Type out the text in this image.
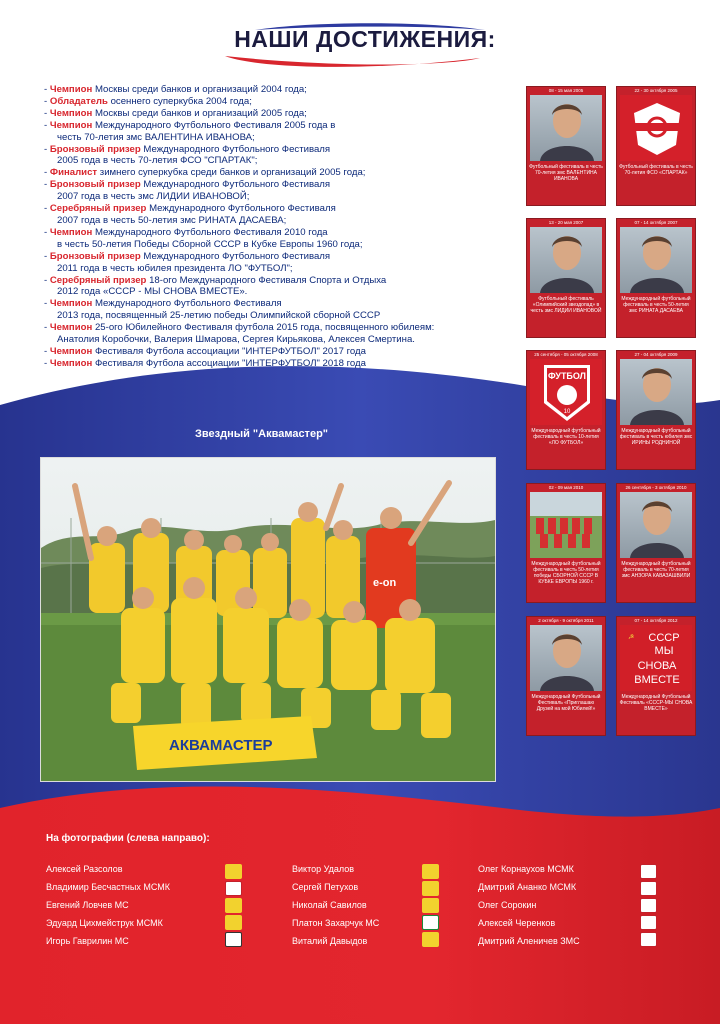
НАШИ ДОСТИЖЕНИЯ:
- Чемпион Москвы среди банков и организаций 2004 года;
- Обладатель осеннего суперкубка 2004 года;
- Чемпион Москвы среди банков и организаций 2005 года;
- Чемпион Международного Футбольного Фестиваля 2005 года в
честь 70-летия змс ВАЛЕНТИНА ИВАНОВА;
- Бронзовый призер Международного Футбольного Фестиваля
2005 года в честь 70-летия ФСО "СПАРТАК";
- Финалист зимнего суперкубка среди банков и организаций 2005 года;
- Бронзовый призер Международного Футбольного Фестиваля
2007 года в честь змс ЛИДИИ ИВАНОВОЙ;
- Серебряный призер Международного Футбольного Фестиваля
2007 года в честь 50-летия змс РИНАТА ДАСАЕВА;
- Чемпион Международного Футбольного Фестиваля 2010 года
в честь 50-летия Победы Сборной СССР в Кубке Европы 1960 года;
- Бронзовый призер Международного Футбольного Фестиваля
2011 года в честь юбилея президента ЛО "ФУТБОЛ";
- Серебряный призер 18-ого Международного Фестиваля Спорта и Отдыха
2012 года «СССР - МЫ СНОВА ВМЕСТЕ».
- Чемпион Международного Футбольного Фестиваля
2013 года, посвященный 25-летию победы Олимпийской сборной СССР
- Чемпион 25-ого Юбилейного Фестиваля футбола 2015 года, посвященного юбилеям:
Анатолия Коробочки, Валерия Шмарова, Сергея Кирьякова, Алексея Смертина.
- Чемпион Фестиваля Футбола ассоциации "ИНТЕРФУТБОЛ" 2017 года
- Чемпион Фестиваля Футбола ассоциации "ИНТЕРФУТБОЛ" 2018 года
08 - 15 мая 2005
Футбольный фестиваль в честь 70-летия змс ВАЛЕНТИНА ИВАНОВА
22 - 30 октября 2005
Футбольный фестиваль в честь 70-летия ФСО «СПАРТАК»
13 - 20 мая 2007
Футбольный фестиваль «Олимпийский звездопад» в честь змс ЛИДИИ ИВАНОВОЙ
07 - 14 октября 2007
Международный футбольный фестиваль в честь 50-летия змс РИНАТА ДАСАЕВА
25 сентября - 05 октября 2008
ФУТБОЛ
10
Международный футбольный фестиваль в честь 10-летия «ЛО ФУТБОЛ»
27 - 04 октября 2009
Международный футбольный фестиваль в честь юбилея змс ИРИНЫ РОДНИНОЙ
02 - 09 мая 2010
Международный футбольный фестиваль в честь 50-летия победы СБОРНОЙ СССР В КУБКЕ ЕВРОПЫ 1960 г.
26 сентября - 3 октября 2010
Международный футбольный фестиваль в честь 70-летия змс АНЗОРА КАВАЗАШВИЛИ
2 октября - 9 октября 2011
Международный Футбольный Фестиваль «Приглашаю Друзей на мой Юбилей!»
07 - 14 октября 2012
☭ СССР
МЫ
СНОВА
ВМЕСТЕ
Международный Футбольный Фестиваль «СССР-МЫ СНОВА ВМЕСТЕ»
Звездный "Аквамастер"
АКВАМАСТЕР
e-on
На фотографии (слева направо):
Алексей Разсолов
Владимир Бесчастных МСМК
Евгений Ловчев МС
Эдуард Цихмейструк МСМК
Игорь Гаврилин МС
Виктор Удалов
Сергей Петухов
Николай Савилов
Платон Захарчук МС
Виталий Давыдов
Олег Корнаухов МСМК
Дмитрий Ананко МСМК
Олег Сорокин
Алексей Черенков
Дмитрий Аленичев ЗМС
